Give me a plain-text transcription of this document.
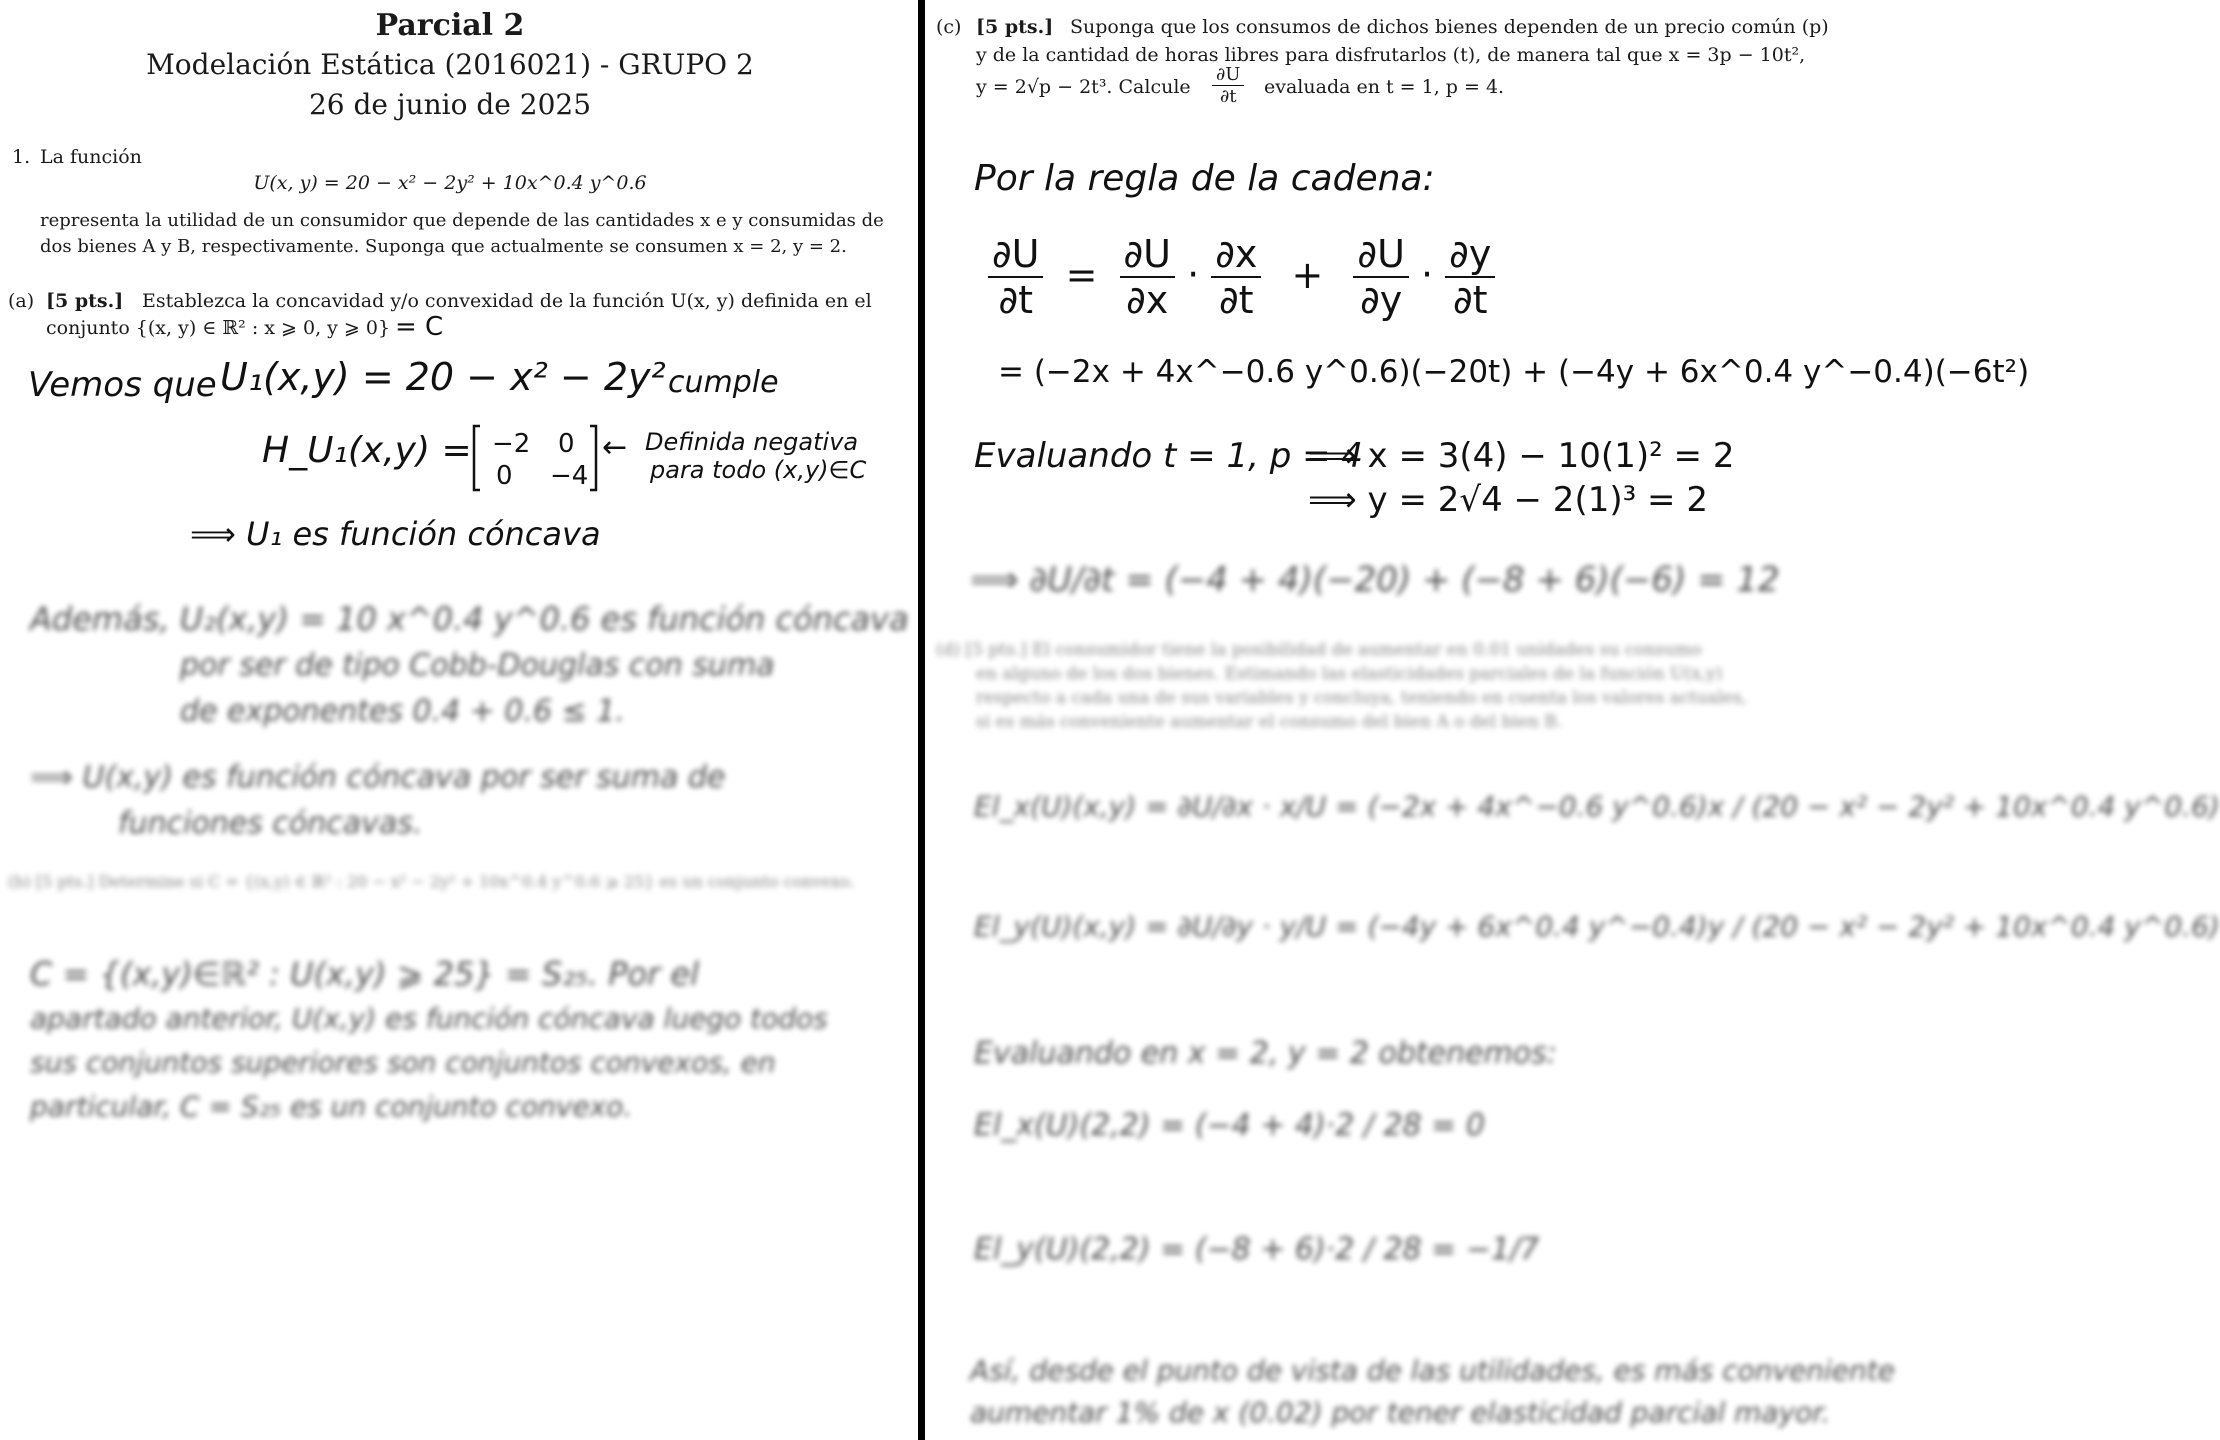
Parcial 2
Modelación Estática (2016021) - GRUPO 2
26 de junio de 2025
1. La función
U(x, y) = 20 − x² − 2y² + 10x^0.4 y^0.6
representa la utilidad de un consumidor que depende de las cantidades x e y consumidas de
dos bienes A y B, respectivamente. Suponga que actualmente se consumen x = 2, y = 2.
(a) [5 pts.] Establezca la concavidad y/o convexidad de la función U(x, y) definida en el
conjunto {(x, y) ∈ ℝ² : x ⩾ 0, y ⩾ 0} = C
Vemos que U₁(x,y) = 20 − x² − 2y² cumple
H_U₁(x,y) = −2 0
0 −4
← Definida negativa
para todo (x,y)∈C
⟹ U₁ es función cóncava
Además, U₂(x,y) = 10 x^0.4 y^0.6 es función cóncava
por ser de tipo Cobb-Douglas con suma
de exponentes 0.4 + 0.6 ≤ 1.
⟹ U(x,y) es función cóncava por ser suma de
funciones cóncavas.
(b) [5 pts.] Determine si C = {(x,y) ∈ ℝ² : 20 − x² − 2y² + 10x^0.4 y^0.6 ⩾ 25} es un conjunto convexo.
C = {(x,y)∈ℝ² : U(x,y) ⩾ 25} = S₂₅. Por el
apartado anterior, U(x,y) es función cóncava luego todos
sus conjuntos superiores son conjuntos convexos, en
particular, C = S₂₅ es un conjunto convexo.
(c) [5 pts.] Suponga que los consumos de dichos bienes dependen de un precio común (p)
y de la cantidad de horas libres para disfrutarlos (t), de manera tal que x = 3p − 10t²,
y = 2√p − 2t³. Calcule $\frac{\partial U}{\partial t}$ evaluada en t = 1, p = 4.
Por la regla de la cadena:
$\frac{\partial U}{\partial t} = \frac{\partial U}{\partial x} \cdot \frac{\partial x}{\partial t} + \frac{\partial U}{\partial y} \cdot \frac{\partial y}{\partial t}$
= (−2x + 4x^−0.6 y^0.6)(−20t) + (−4y + 6x^0.4 y^−0.4)(−6t²)
Evaluando t = 1, p = 4
⟹ x = 3(4) − 10(1)² = 2
⟹ y = 2√4 − 2(1)³ = 2
⟹ ∂U/∂t = (−4 + 4)(−20) + (−8 + 6)(−6) = 12
(d) [5 pts.] El consumidor tiene la posibilidad de aumentar en 0.01 unidades su consumo
en alguno de los dos bienes. Estimando las elasticidades parciales de la función U(x,y)
respecto a cada una de sus variables y concluya, teniendo en cuenta los valores actuales,
si es más conveniente aumentar el consumo del bien A o del bien B.
El_x(U)(x,y) = ∂U/∂x · x/U = (−2x + 4x^−0.6 y^0.6)x / (20 − x² − 2y² + 10x^0.4 y^0.6)
El_y(U)(x,y) = ∂U/∂y · y/U = (−4y + 6x^0.4 y^−0.4)y / (20 − x² − 2y² + 10x^0.4 y^0.6)
Evaluando en x = 2, y = 2 obtenemos:
El_x(U)(2,2) = (−4 + 4)·2 / 28 = 0
El_y(U)(2,2) = (−8 + 6)·2 / 28 = −1/7
Así, desde el punto de vista de las utilidades, es más conveniente
aumentar 1% de x (0.02) por tener elasticidad parcial mayor.
